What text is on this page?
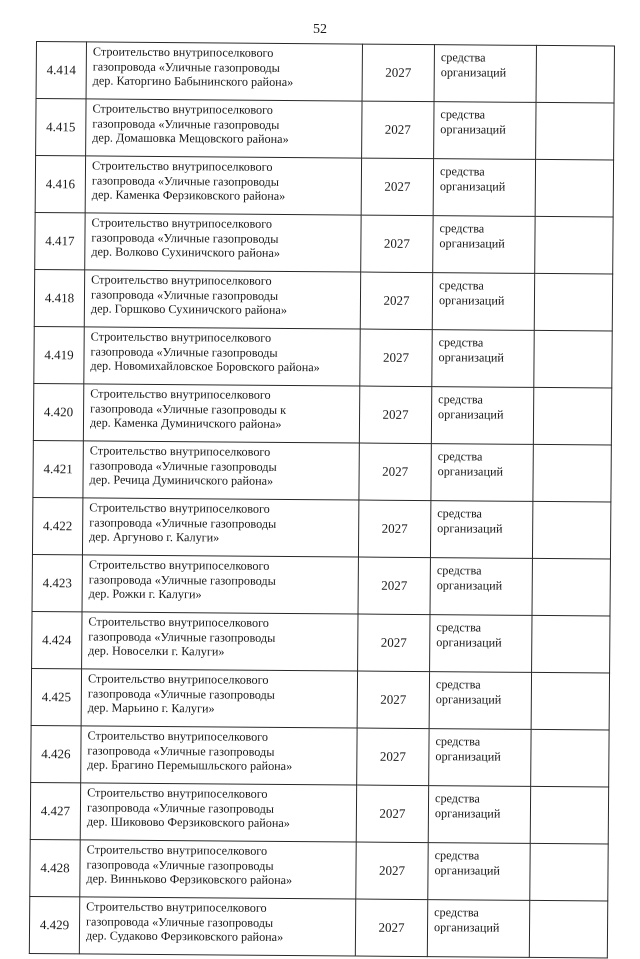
52
4.414	Строительство внутрипоселкового
газопровода «Уличные газопроводы
дер. Каторгино Бабынинского района»	2027	средства
организаций	

4.415	Строительство внутрипоселкового
газопровода «Уличные газопроводы
дер. Домашовка Мещовского района»	2027	средства
организаций	

4.416	Строительство внутрипоселкового
газопровода «Уличные газопроводы
дер. Каменка Ферзиковского района»	2027	средства
организаций	

4.417	Строительство внутрипоселкового
газопровода «Уличные газопроводы
дер. Волково Сухиничского района»	2027	средства
организаций	

4.418	Строительство внутрипоселкового
газопровода «Уличные газопроводы
дер. Горшково Сухиничского района»	2027	средства
организаций	

4.419	Строительство внутрипоселкового
газопровода «Уличные газопроводы
дер. Новомихайловское Боровского района»	2027	средства
организаций	

4.420	Строительство внутрипоселкового
газопровода «Уличные газопроводы к
дер. Каменка Думиничского района»	2027	средства
организаций	

4.421	Строительство внутрипоселкового
газопровода «Уличные газопроводы
дер. Речица Думиничского района»	2027	средства
организаций	

4.422	Строительство внутрипоселкового
газопровода «Уличные газопроводы
дер. Аргуново г. Калуги»	2027	средства
организаций	

4.423	Строительство внутрипоселкового
газопровода «Уличные газопроводы
дер. Рожки г. Калуги»	2027	средства
организаций	

4.424	Строительство внутрипоселкового
газопровода «Уличные газопроводы
дер. Новоселки г. Калуги»	2027	средства
организаций	

4.425	Строительство внутрипоселкового
газопровода «Уличные газопроводы
дер. Марьино г. Калуги»	2027	средства
организаций	

4.426	Строительство внутрипоселкового
газопровода «Уличные газопроводы
дер. Брагино Перемышльского района»	2027	средства
организаций	

4.427	Строительство внутрипоселкового
газопровода «Уличные газопроводы
дер. Шиковово Ферзиковского района»	2027	средства
организаций	

4.428	Строительство внутрипоселкового
газопровода «Уличные газопроводы
дер. Винньково Ферзиковского района»	2027	средства
организаций	

4.429	Строительство внутрипоселкового
газопровода «Уличные газопроводы
дер. Судаково Ферзиковского района»	2027	средства
организаций	
